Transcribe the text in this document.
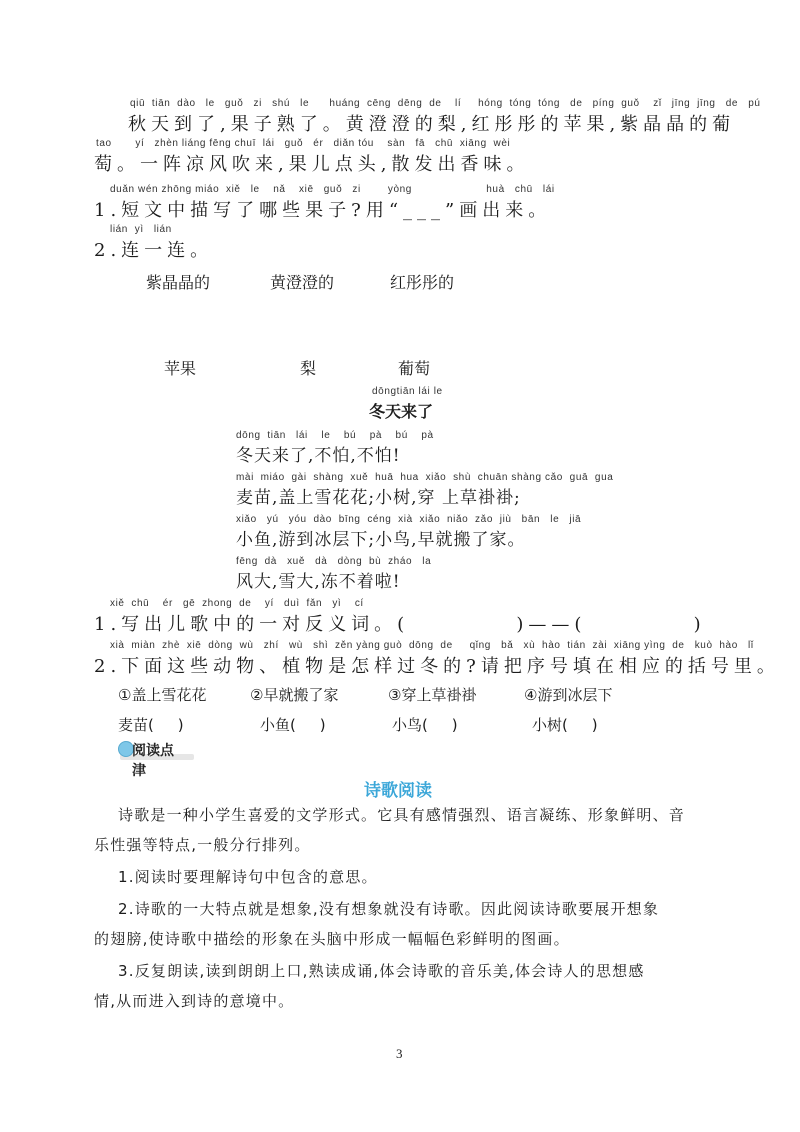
qiū  tiān  dào   le   guǒ   zi   shú   le      huáng  cēng  dēng  de    lí     hóng  tóng  tóng   de   píng  guǒ    zǐ   jīng  jīng   de   pú
秋天到了,果子熟了。黄澄澄的梨,红彤彤的苹果,紫晶晶的葡
tao       yí   zhèn liáng fēng chuī  lái   guǒ   ér   diǎn tóu    sàn   fā   chū  xiāng  wèi
萄。一阵凉风吹来,果儿点头,散发出香味。
duǎn wén zhōng miáo  xiě   le    nǎ    xiē   guǒ   zi        yòng                      huà   chū   lái
1.短文中描写了哪些果子?用“___”画出来。
lián  yì   lián
2.连一连。
紫晶晶的	黄澄澄的	红彤彤的
苹果	梨	葡萄
dōngtiān lái le
冬天来了
dōng  tiān   lái    le    bú    pà    bú    pà
冬天来了,不怕,不怕!
mài  miáo  gài  shàng  xuě  huā  hua  xiǎo  shù  chuān shàng cǎo  guā  gua
麦苗,盖上雪花花;小树,穿 上草褂褂;
xiǎo   yú   yóu  dào  bīng  céng  xià  xiǎo  niǎo  zǎo  jiù   bān   le   jiā
小鱼,游到冰层下;小鸟,早就搬了家。
fēng  dà   xuě   dà   dòng  bù  zháo   la
风大,雪大,冻不着啦!
xiě  chū    ér   gē  zhong  de    yí   duì  fǎn   yì    cí
1.写出儿歌中的一对反义词。(          )——(          )
xià  miàn  zhè  xiē  dòng  wù   zhí   wù   shì  zěn yàng guò  dōng  de     qǐng   bǎ   xù  hào  tián  zài  xiāng yìng  de   kuò  hào   lǐ
2.下面这些动物、植物是怎样过冬的?请把序号填在相应的括号里。
①盖上雪花花	②早就搬了家	③穿上草褂褂	④游到冰层下
麦苗(     )	小鱼(     )	小鸟(     )	小树(     )
阅读点津
诗歌阅读
诗歌是一种小学生喜爱的文学形式。它具有感情强烈、语言凝练、形象鲜明、音
乐性强等特点,一般分行排列。
1.阅读时要理解诗句中包含的意思。
2.诗歌的一大特点就是想象,没有想象就没有诗歌。因此阅读诗歌要展开想象
的翅膀,使诗歌中描绘的形象在头脑中形成一幅幅色彩鲜明的图画。
3.反复朗读,读到朗朗上口,熟读成诵,体会诗歌的音乐美,体会诗人的思想感
情,从而进入到诗的意境中。
3
